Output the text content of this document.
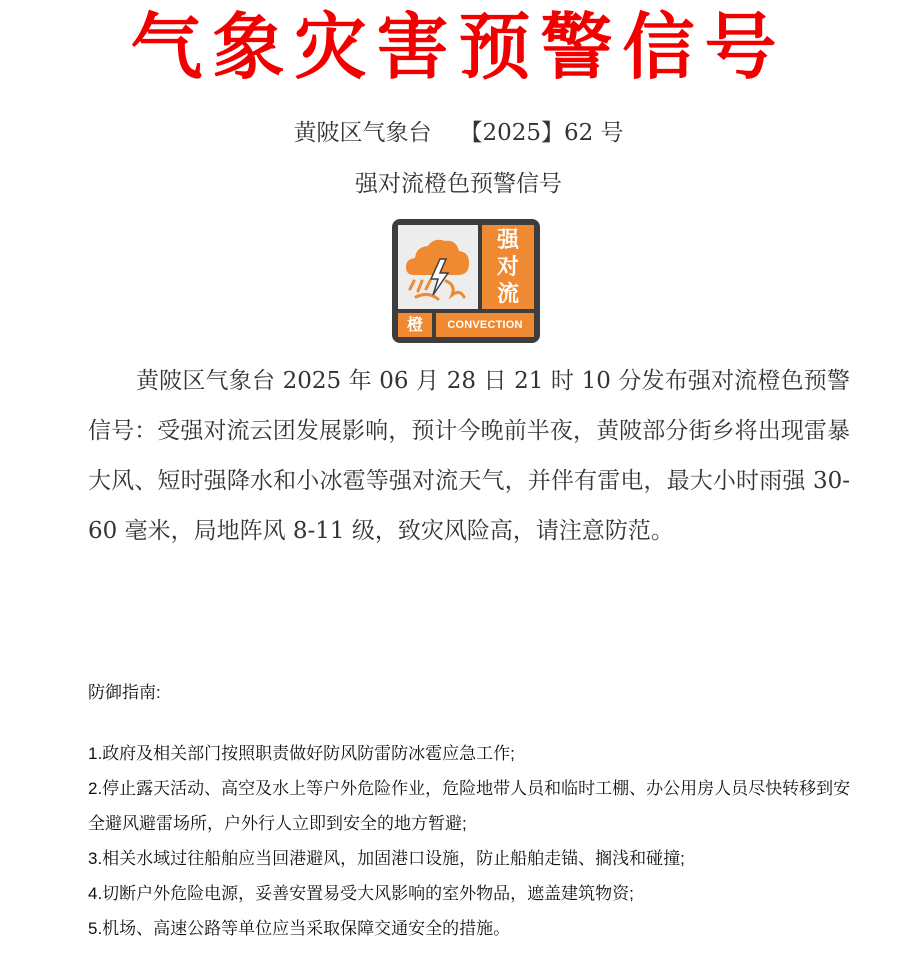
气象灾害预警信号
黄陂区气象台 【2025】62 号
强对流橙色预警信号
强
对
流
橙	CONVECTION

黄陂区气象台 2025 年 06 月 28 日 21 时 10 分发布强对流橙色预警信号：受强对流云团发展影响，预计今晚前半夜，黄陂部分街乡将出现雷暴大风、短时强降水和小冰雹等强对流天气，并伴有雷电，最大小时雨强 30-60 毫米，局地阵风 8-11 级，致灾风险高，请注意防范。

防御指南:

1.政府及相关部门按照职责做好防风防雷防冰雹应急工作;
2.停止露天活动、高空及水上等户外危险作业，危险地带人员和临时工棚、办公用房人员尽快转移到安全避风避雷场所，户外行人立即到安全的地方暂避;
3.相关水域过往船舶应当回港避风，加固港口设施，防止船舶走锚、搁浅和碰撞;
4.切断户外危险电源，妥善安置易受大风影响的室外物品，遮盖建筑物资;
5.机场、高速公路等单位应当采取保障交通安全的措施。
